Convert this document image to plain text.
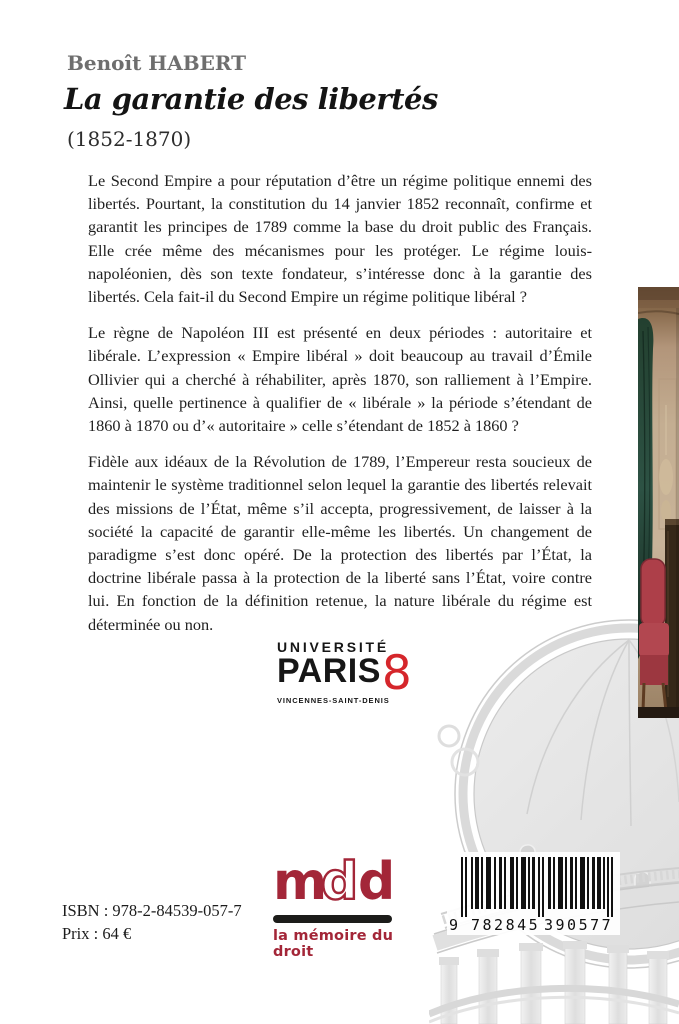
Benoît HABERT
La garantie des libertés
(1852-1870)

Le Second Empire a pour réputation d’être un régime politique ennemi des libertés. Pourtant, la constitution du 14 janvier 1852 reconnaît, confirme et garantit les principes de 1789 comme la base du droit public des Français. Elle crée même des mécanismes pour les protéger. Le régime louis-napoléonien, dès son texte fondateur, s’intéresse donc à la garantie des libertés. Cela fait-il du Second Empire un régime politique libéral ?

Le règne de Napoléon III est présenté en deux périodes : autoritaire et libérale. L’expression « Empire libéral » doit beaucoup au travail d’Émile Ollivier qui a cherché à réhabiliter, après 1870, son ralliement à l’Empire. Ainsi, quelle pertinence à qualifier de « libérale » la période s’étendant de 1860 à 1870 ou d’« autoritaire » celle s’étendant de 1852 à 1860 ?

Fidèle aux idéaux de la Révolution de 1789, l’Empereur resta soucieux de maintenir le système traditionnel selon lequel la garantie des libertés relevait des missions de l’État, même s’il accepta, progressivement, de laisser à la société la capacité de garantir elle-même les libertés. Un changement de paradigme s’est donc opéré. De la protection des libertés par l’État, la doctrine libérale passa à la protection de la liberté sans l’État, voire contre lui. En fonction de la définition retenue, la nature libérale du régime est déterminée ou non.

UNIVERSITÉ
PARIS 8
VINCENNES-SAINT-DENIS
m
d d
la mémoire du droit
9 782845 390577
ISBN : 978-2-84539-057-7
Prix : 64 €
